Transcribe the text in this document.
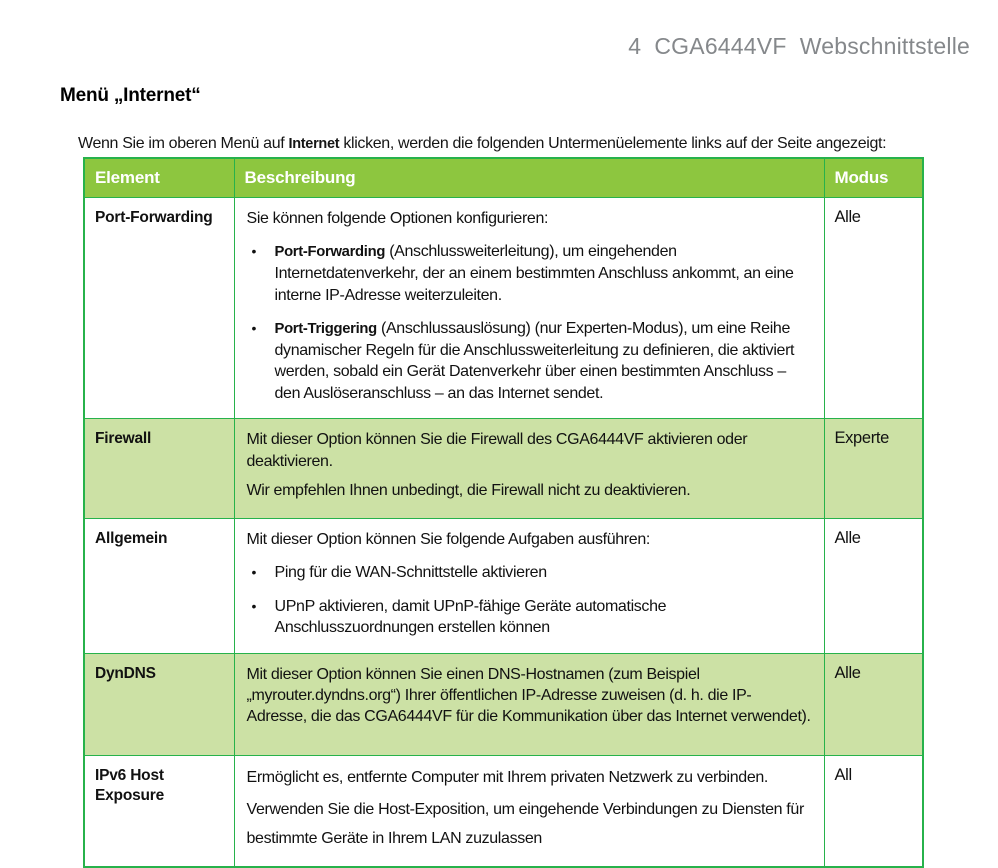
4  CGA6444VF  Webschnittstelle
Menü „Internet“

Wenn Sie im oberen Menü auf Internet klicken, werden die folgenden Untermenüelemente links auf der Seite angezeigt:

Element	Beschreibung	Modus
Port-Forwarding	Sie können folgende Optionen konfigurieren:

• Port-Forwarding (Anschlussweiterleitung), um eingehenden Internetdatenverkehr, der an einem bestimmten Anschluss ankommt, an eine interne IP-Adresse weiterzuleiten.
• Port-Triggering (Anschlussauslösung) (nur Experten-Modus), um eine Reihe dynamischer Regeln für die Anschlussweiterleitung zu definieren, die aktiviert werden, sobald ein Gerät Datenverkehr über einen bestimmten Anschluss – den Auslöseranschluss – an das Internet sendet.	Alle
Firewall	Mit dieser Option können Sie die Firewall des CGA6444VF aktivieren oder deaktivieren.

Wir empfehlen Ihnen unbedingt, die Firewall nicht zu deaktivieren.	Experte
Allgemein	Mit dieser Option können Sie folgende Aufgaben ausführen:

• Ping für die WAN-Schnittstelle aktivieren
• UPnP aktivieren, damit UPnP-fähige Geräte automatische Anschlusszuordnungen erstellen können	Alle
DynDNS	Mit dieser Option können Sie einen DNS-Hostnamen (zum Beispiel „myrouter.dyndns.org“) Ihrer öffentlichen IP-Adresse zuweisen (d. h. die IP-Adresse, die das CGA6444VF für die Kommunikation über das Internet verwendet).	Alle
IPv6 Host Exposure	Ermöglicht es, entfernte Computer mit Ihrem privaten Netzwerk zu verbinden.

Verwenden Sie die Host-Exposition, um eingehende Verbindungen zu Diensten für bestimmte Geräte in Ihrem LAN zuzulassen	All
